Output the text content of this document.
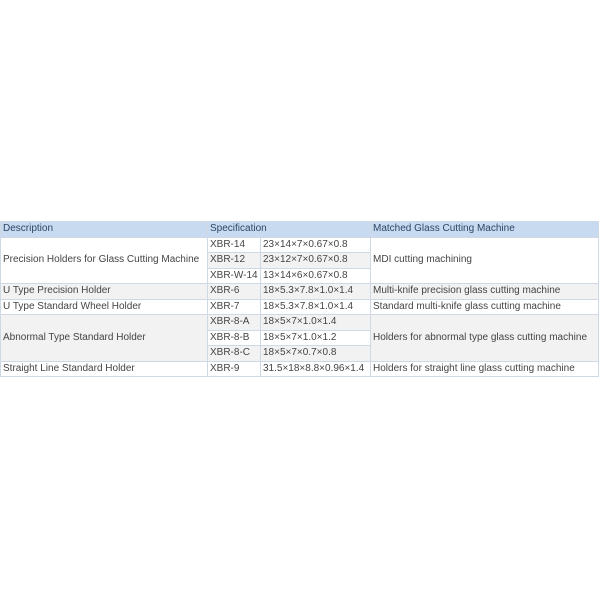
Description	Specification		Matched Glass Cutting Machine
Precision Holders for Glass Cutting Machine	XBR-14	23×14×7×0.67×0.8	MDI cutting machining
	XBR-12	23×12×7×0.67×0.8	
	XBR-W-14	13×14×6×0.67×0.8	
U Type Precision Holder	XBR-6	18×5.3×7.8×1.0×1.4	Multi-knife precision glass cutting machine
U Type Standard Wheel Holder	XBR-7	18×5.3×7.8×1.0×1.4	Standard multi-knife glass cutting machine
Abnormal Type Standard Holder	XBR-8-A	18×5×7×1.0×1.4	Holders for abnormal type glass cutting machine
	XBR-8-B	18×5×7×1.0×1.2	
	XBR-8-C	18×5×7×0.7×0.8	
Straight Line Standard Holder	XBR-9	31.5×18×8.8×0.96×1.4	Holders for straight line glass cutting machine
